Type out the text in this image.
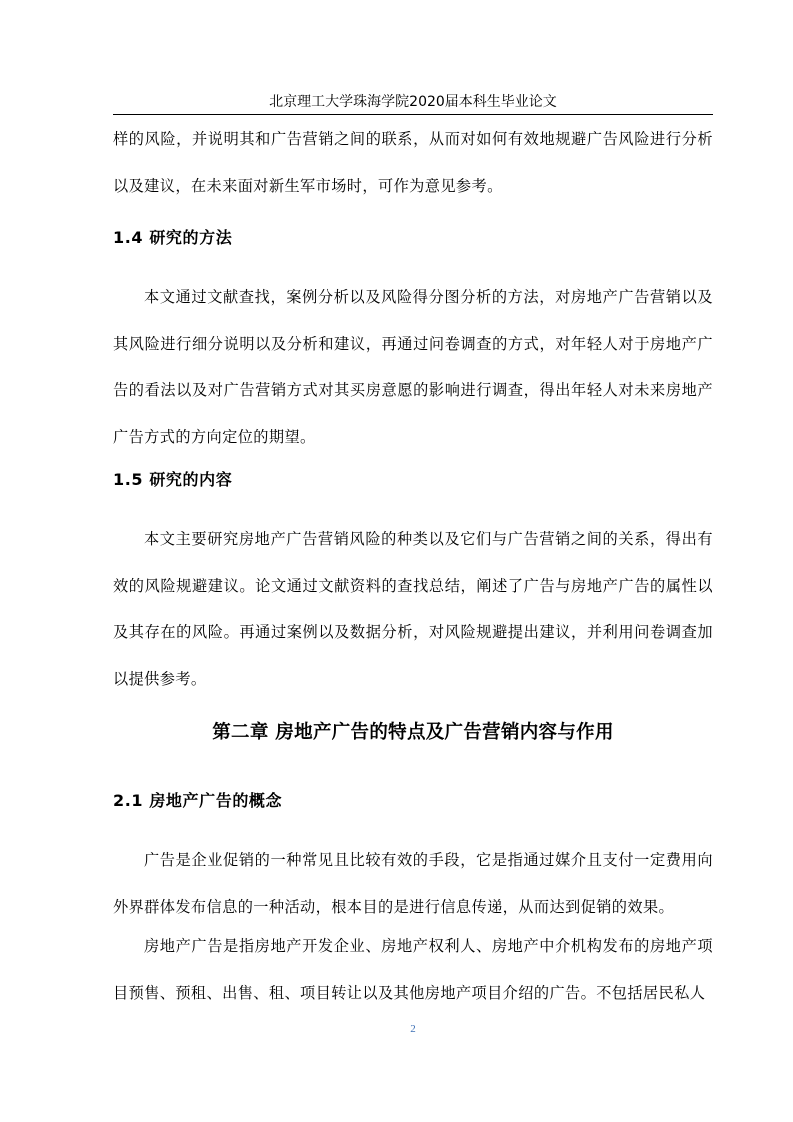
北京理工大学珠海学院2020届本科生毕业论文

样的风险，并说明其和广告营销之间的联系，从而对如何有效地规避广告风险进行分析以及建议，在未来面对新生军市场时，可作为意见参考。

1.4 研究的方法

本文通过文献查找，案例分析以及风险得分图分析的方法，对房地产广告营销以及其风险进行细分说明以及分析和建议，再通过问卷调查的方式，对年轻人对于房地产广告的看法以及对广告营销方式对其买房意愿的影响进行调查，得出年轻人对未来房地产广告方式的方向定位的期望。

1.5 研究的内容

本文主要研究房地产广告营销风险的种类以及它们与广告营销之间的关系，得出有效的风险规避建议。论文通过文献资料的查找总结，阐述了广告与房地产广告的属性以及其存在的风险。再通过案例以及数据分析，对风险规避提出建议，并利用问卷调查加以提供参考。

第二章 房地产广告的特点及广告营销内容与作用
2.1 房地产广告的概念

广告是企业促销的一种常见且比较有效的手段，它是指通过媒介且支付一定费用向外界群体发布信息的一种活动，根本目的是进行信息传递，从而达到促销的效果。

房地产广告是指房地产开发企业、房地产权利人、房地产中介机构发布的房地产项目预售、预租、出售、租、项目转让以及其他房地产项目介绍的广告。不包括居民私人

2
